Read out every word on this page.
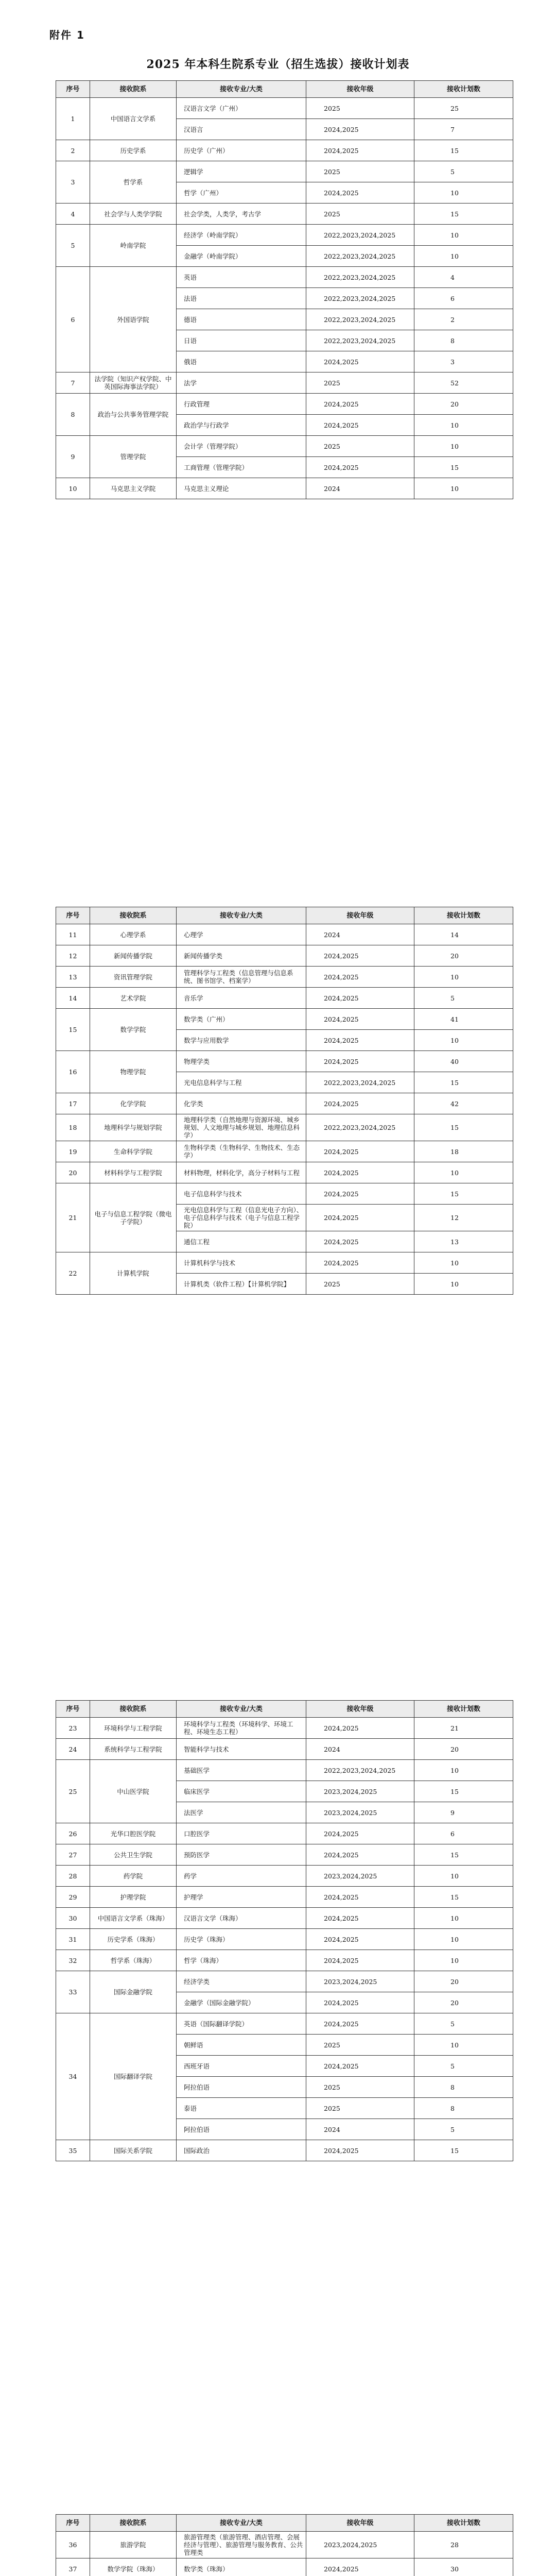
附件 1
2025 年本科生院系专业（招生选拔）接收计划表
序号	接收院系	接收专业/大类	接收年级	接收计划数
1	中国语言文学系	汉语言文学（广州）	2025	25
		汉语言	2024,2025	7
2	历史学系	历史学（广州）	2024,2025	15
3	哲学系	逻辑学	2025	5
		哲学（广州）	2024,2025	10
4	社会学与人类学学院	社会学类，人类学，考古学	2025	15
5	岭南学院	经济学（岭南学院）	2022,2023,2024,2025	10
		金融学（岭南学院）	2022,2023,2024,2025	10
6	外国语学院	英语	2022,2023,2024,2025	4
		法语	2022,2023,2024,2025	6
		德语	2022,2023,2024,2025	2
		日语	2022,2023,2024,2025	8
		俄语	2024,2025	3
7	法学院（知识产权学院、中英国际海事法学院）	法学	2025	52
8	政治与公共事务管理学院	行政管理	2024,2025	20
		政治学与行政学	2024,2025	10
9	管理学院	会计学（管理学院）	2025	10
		工商管理（管理学院）	2024,2025	15
10	马克思主义学院	马克思主义理论	2024	10
序号	接收院系	接收专业/大类	接收年级	接收计划数
11	心理学系	心理学	2024	14
12	新闻传播学院	新闻传播学类	2024,2025	20
13	资讯管理学院	管理科学与工程类（信息管理与信息系统、图书馆学、档案学）	2024,2025	10
14	艺术学院	音乐学	2024,2025	5
15	数学学院	数学类（广州）	2024,2025	41
		数学与应用数学	2024,2025	10
16	物理学院	物理学类	2024,2025	40
		光电信息科学与工程	2022,2023,2024,2025	15
17	化学学院	化学类	2024,2025	42
18	地理科学与规划学院	地理科学类（自然地理与资源环境、城乡规划、人文地理与城乡规划、地理信息科学）	2022,2023,2024,2025	15
19	生命科学学院	生物科学类（生物科学、生物技术、生态学）	2024,2025	18
20	材料科学与工程学院	材料物理，材料化学，高分子材料与工程	2024,2025	10
21	电子与信息工程学院（微电子学院）	电子信息科学与技术	2024,2025	15
		光电信息科学与工程（信息光电子方向）、电子信息科学与技术（电子与信息工程学院）	2024,2025	12
		通信工程	2024,2025	13
22	计算机学院	计算机科学与技术	2024,2025	10
		计算机类（软件工程）【计算机学院】	2025	10
序号	接收院系	接收专业/大类	接收年级	接收计划数
23	环境科学与工程学院	环境科学与工程类（环境科学、环境工程、环境生态工程）	2024,2025	21
24	系统科学与工程学院	智能科学与技术	2024	20
25	中山医学院	基础医学	2022,2023,2024,2025	10
		临床医学	2023,2024,2025	15
		法医学	2023,2024,2025	9
26	光华口腔医学院	口腔医学	2024,2025	6
27	公共卫生学院	预防医学	2024,2025	15
28	药学院	药学	2023,2024,2025	10
29	护理学院	护理学	2024,2025	15
30	中国语言文学系（珠海）	汉语言文学（珠海）	2024,2025	10
31	历史学系（珠海）	历史学（珠海）	2024,2025	10
32	哲学系（珠海）	哲学（珠海）	2024,2025	10
33	国际金融学院	经济学类	2023,2024,2025	20
		金融学（国际金融学院）	2024,2025	20
34	国际翻译学院	英语（国际翻译学院）	2024,2025	5
		朝鲜语	2025	10
		西班牙语	2024,2025	5
		阿拉伯语	2025	8
		泰语	2025	8
		阿拉伯语	2024	5
35	国际关系学院	国际政治	2024,2025	15
序号	接收院系	接收专业/大类	接收年级	接收计划数
36	旅游学院	旅游管理类（旅游管理、酒店管理、会展经济与管理）、旅游管理与服务教育、公共管理类	2023,2024,2025	28
37	数学学院（珠海）	数学类（珠海）	2024,2025	30
